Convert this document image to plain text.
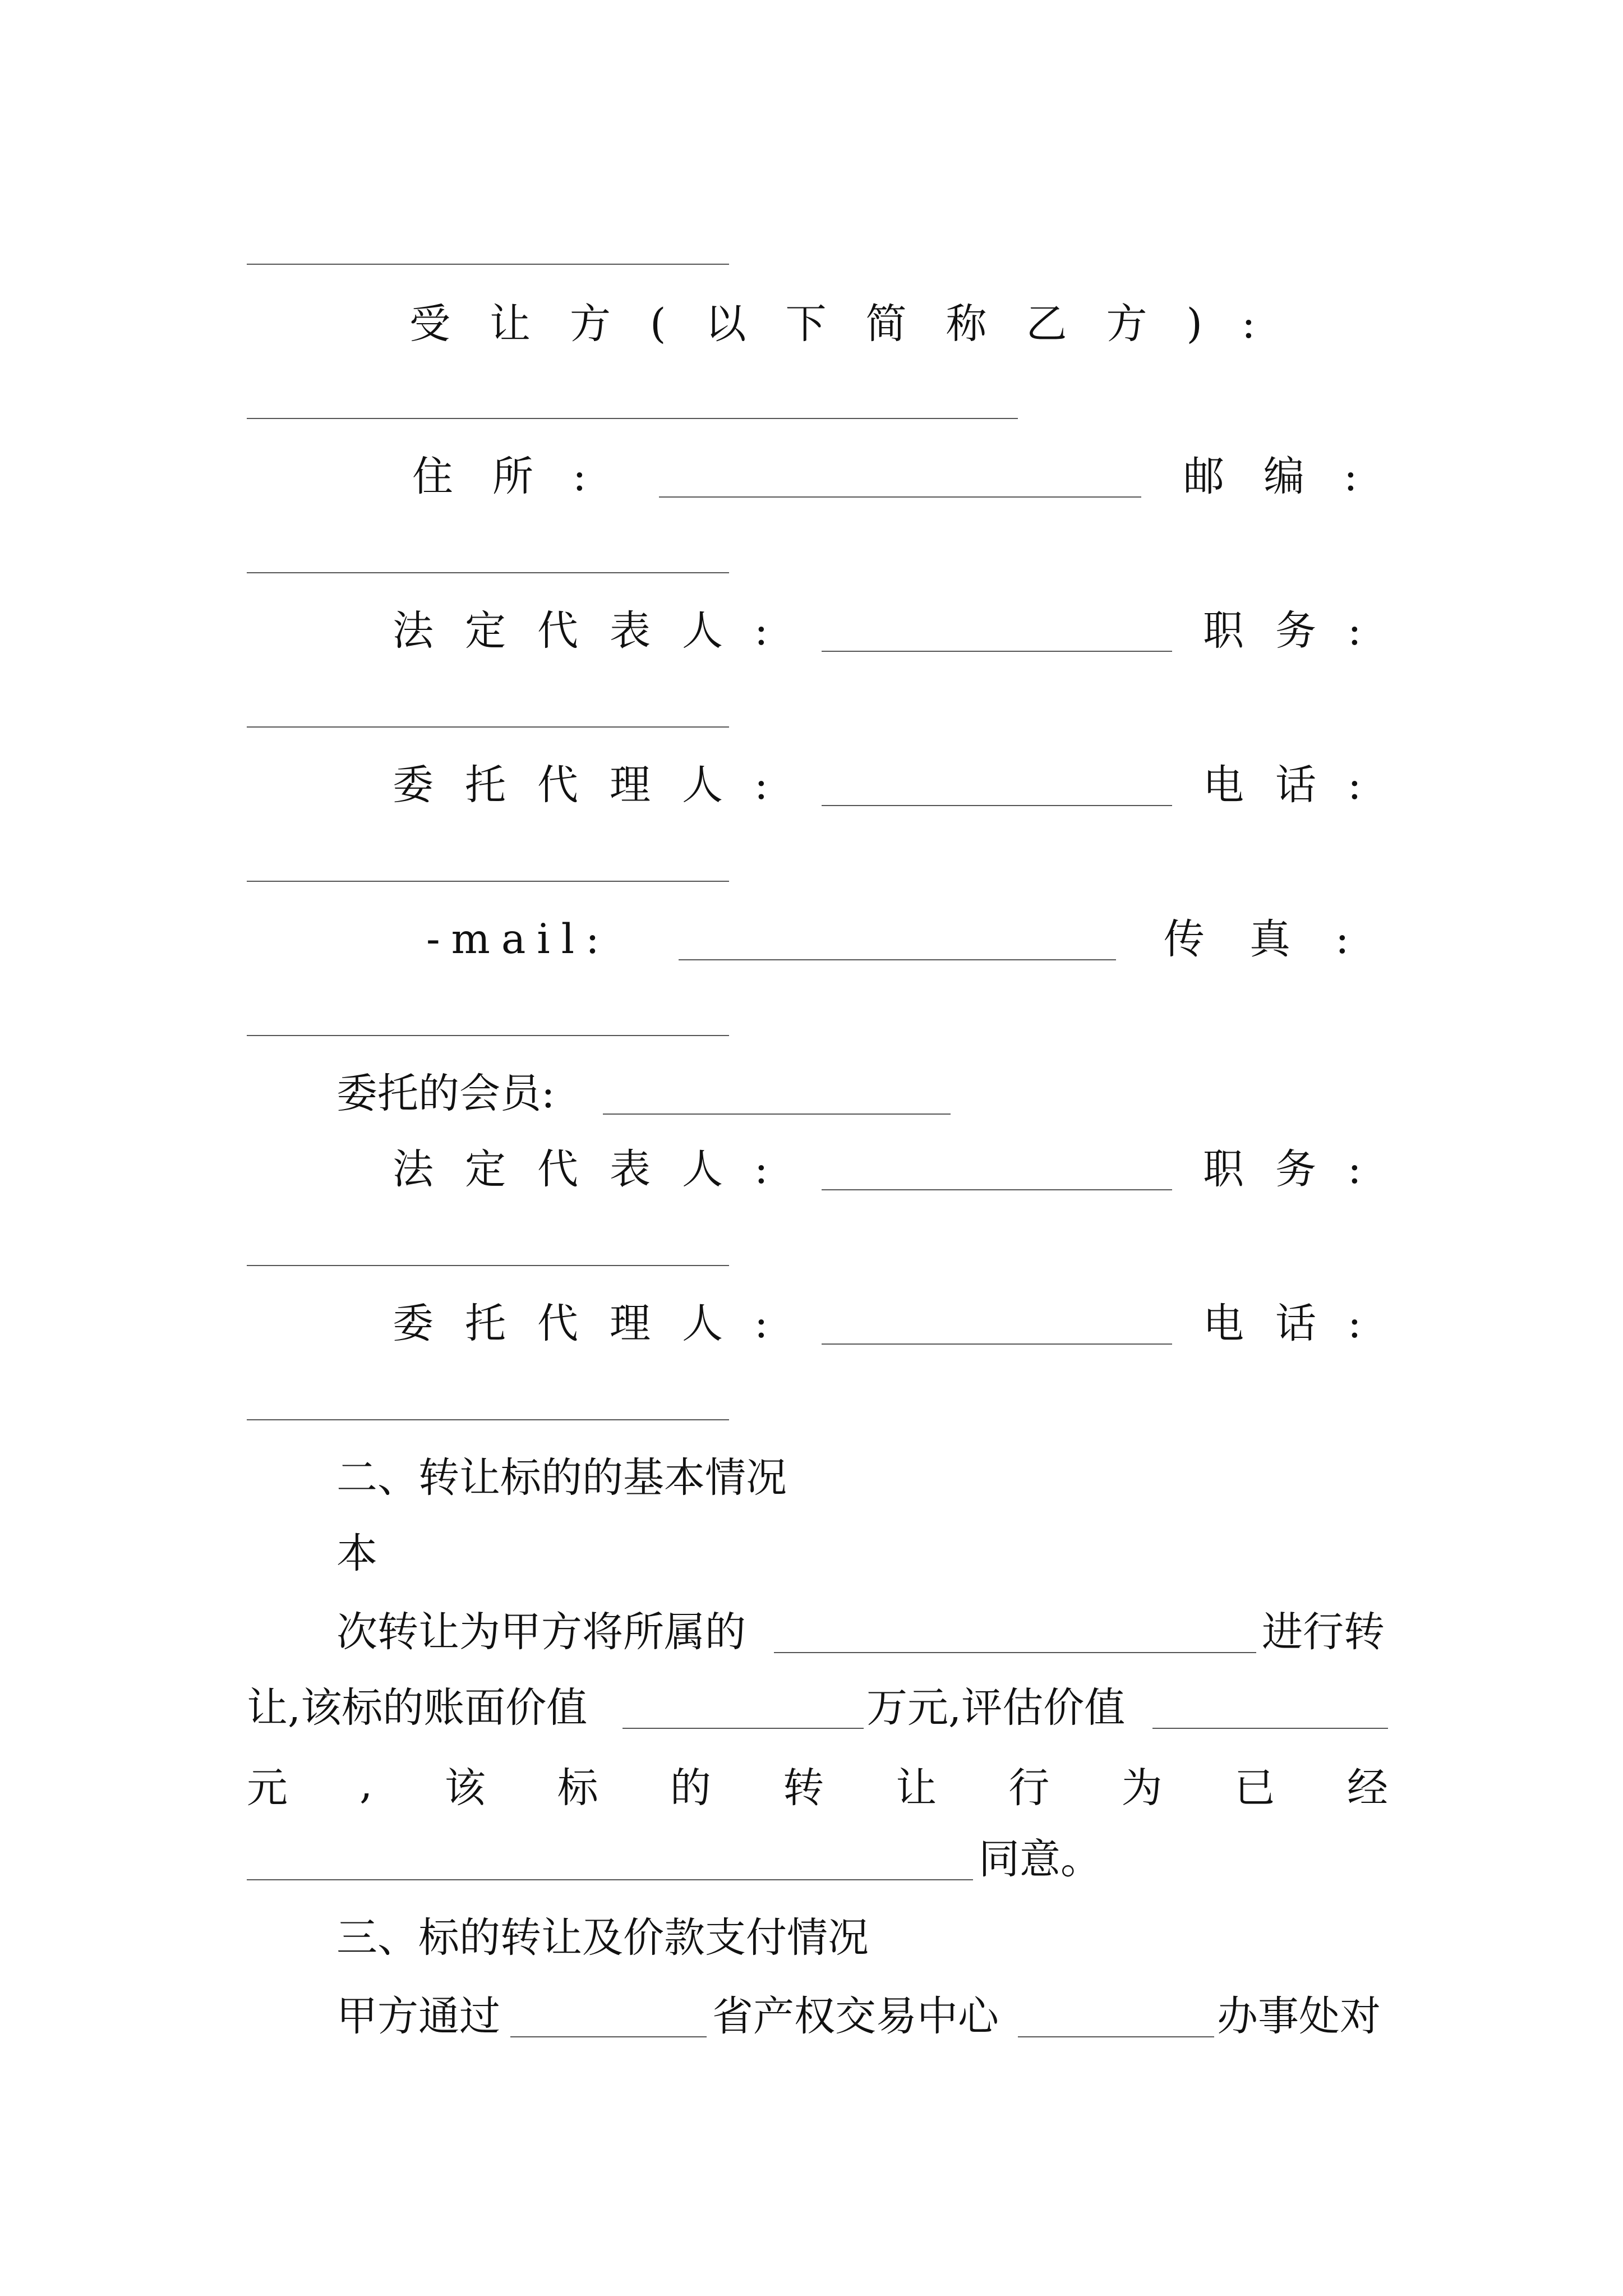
受让方(以下简称乙方):
住所:	邮编:
法定代表人:	职务:
委托代理人:	电话:
-mail:	传真:
委托的会员:
法定代表人:	职务:
委托代理人:	电话:
二、转让标的的基本情况
本
次转让为甲方将所属的	进行转
让,该标的账面价值	万元,评估价值
元 , 该 标 的 转 让 行 为 已 经
同意。
三、标的转让及价款支付情况
甲方通过	省产权交易中心	办事处对
